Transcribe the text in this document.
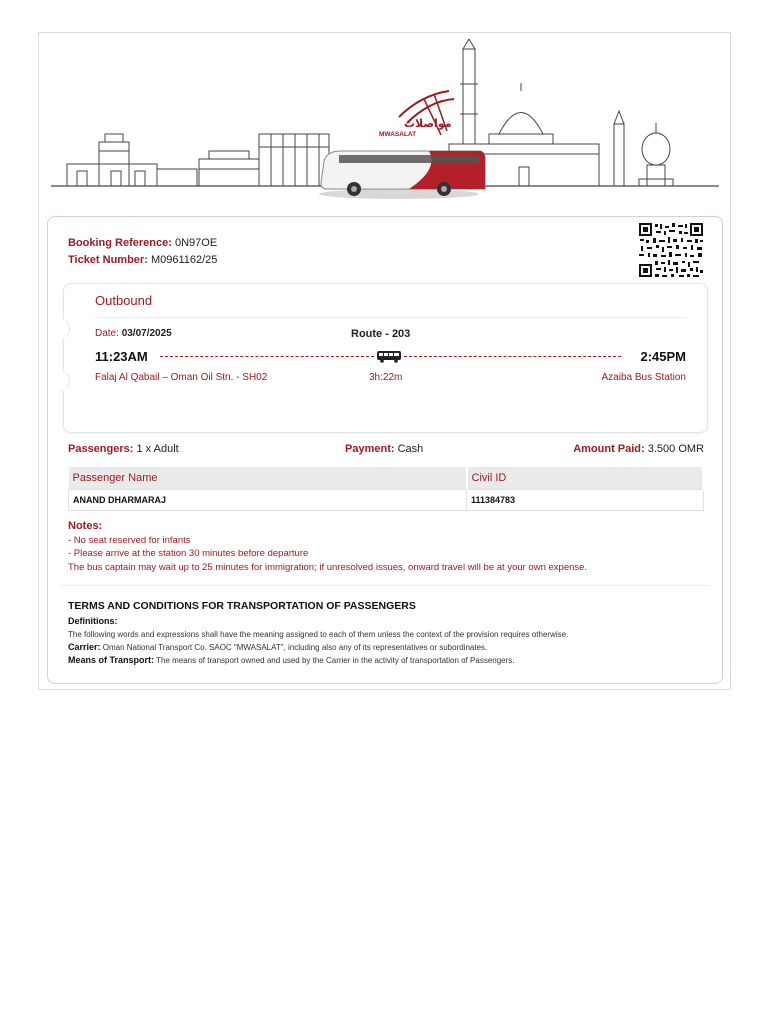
مواصلات
MWASALAT
Booking Reference: 0N97OE
Ticket Number: M0961162/25
Outbound
Date: 03/07/2025	Route - 203
11:23AM	2:45PM
Falaj Al Qabail – Oman Oil Stn. - SH02	3h:22m	Azaiba Bus Station
Passengers: 1 x Adult	Payment: Cash	Amount Paid: 3.500 OMR
Passenger Name	Civil ID
ANAND DHARMARAJ	111384783
Notes:
- No seat reserved for infants
- Please arrive at the station 30 minutes before departure
The bus captain may wait up to 25 minutes for immigration; if unresolved issues, onward travel will be at your own expense.
TERMS AND CONDITIONS FOR TRANSPORTATION OF PASSENGERS
Definitions:
The following words and expressions shall have the meaning assigned to each of them unless the context of the provision requires otherwise.
Carrier: Oman National Transport Co. SAOC "MWASALAT", including also any of its representatives or subordinates.
Means of Transport: The means of transport owned and used by the Carrier in the activity of transportation of Passengers.
